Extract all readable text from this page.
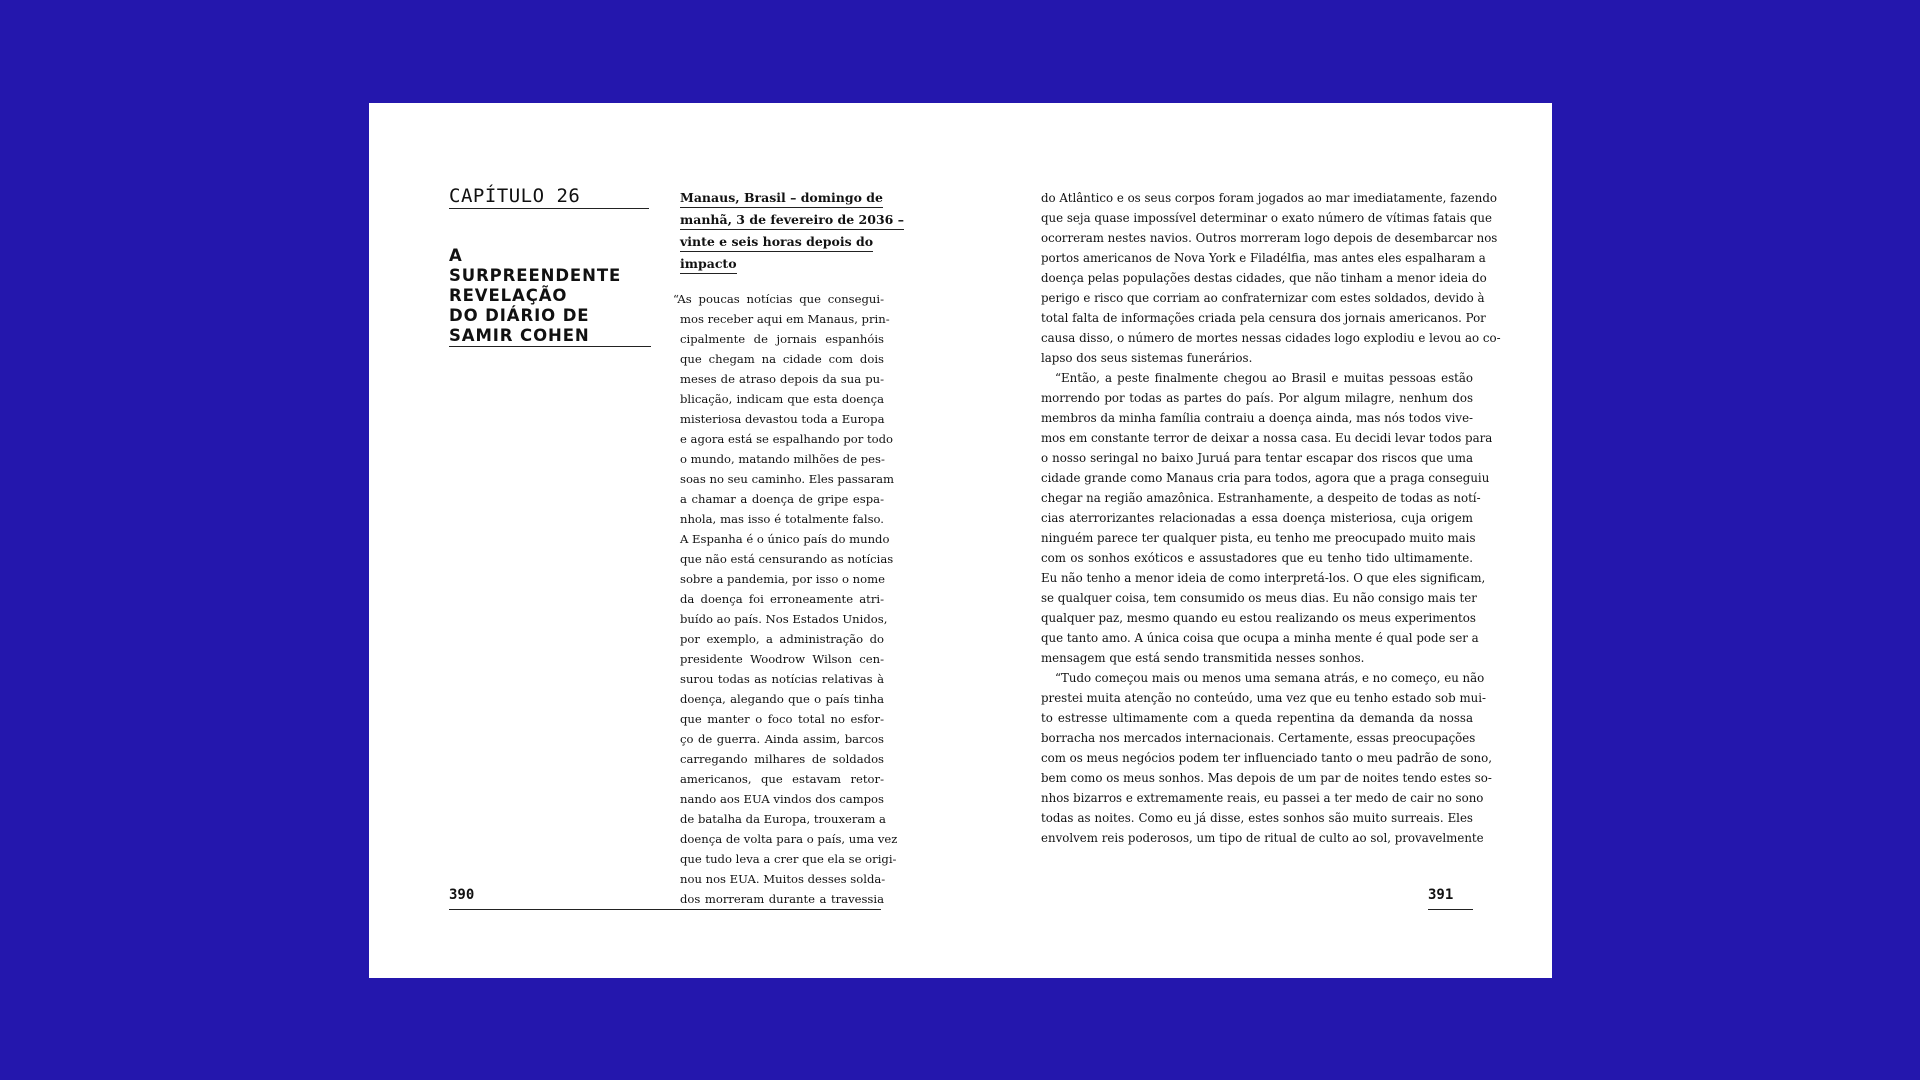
CAPÍTULO 26
A
SURPREENDENTE
REVELAÇÃO
DO DIÁRIO DE
SAMIR COHEN
Manaus, Brasil – domingo de
manhã, 3 de fevereiro de 2036 –
vinte e seis horas depois do
impacto
“As poucas notícias que consegui-
mos receber aqui em Manaus, prin-
cipalmente de jornais espanhóis
que chegam na cidade com dois
meses de atraso depois da sua pu-
blicação, indicam que esta doença
misteriosa devastou toda a Europa
e agora está se espalhando por todo
o mundo, matando milhões de pes-
soas no seu caminho. Eles passaram
a chamar a doença de gripe espa-
nhola, mas isso é totalmente falso.
A Espanha é o único país do mundo
que não está censurando as notícias
sobre a pandemia, por isso o nome
da doença foi erroneamente atri-
buído ao país. Nos Estados Unidos,
por exemplo, a administração do
presidente Woodrow Wilson cen-
surou todas as notícias relativas à
doença, alegando que o país tinha
que manter o foco total no esfor-
ço de guerra. Ainda assim, barcos
carregando milhares de soldados
americanos, que estavam retor-
nando aos EUA vindos dos campos
de batalha da Europa, trouxeram a
doença de volta para o país, uma vez
que tudo leva a crer que ela se origi-
nou nos EUA. Muitos desses solda-
dos morreram durante a travessia
do Atlântico e os seus corpos foram jogados ao mar imediatamente, fazendo
que seja quase impossível determinar o exato número de vítimas fatais que
ocorreram nestes navios. Outros morreram logo depois de desembarcar nos
portos americanos de Nova York e Filadélfia, mas antes eles espalharam a
doença pelas populações destas cidades, que não tinham a menor ideia do
perigo e risco que corriam ao confraternizar com estes soldados, devido à
total falta de informações criada pela censura dos jornais americanos. Por
causa disso, o número de mortes nessas cidades logo explodiu e levou ao co-
lapso dos seus sistemas funerários.
“Então, a peste finalmente chegou ao Brasil e muitas pessoas estão
morrendo por todas as partes do país. Por algum milagre, nenhum dos
membros da minha família contraiu a doença ainda, mas nós todos vive-
mos em constante terror de deixar a nossa casa. Eu decidi levar todos para
o nosso seringal no baixo Juruá para tentar escapar dos riscos que uma
cidade grande como Manaus cria para todos, agora que a praga conseguiu
chegar na região amazônica. Estranhamente, a despeito de todas as notí-
cias aterrorizantes relacionadas a essa doença misteriosa, cuja origem
ninguém parece ter qualquer pista, eu tenho me preocupado muito mais
com os sonhos exóticos e assustadores que eu tenho tido ultimamente.
Eu não tenho a menor ideia de como interpretá-los. O que eles significam,
se qualquer coisa, tem consumido os meus dias. Eu não consigo mais ter
qualquer paz, mesmo quando eu estou realizando os meus experimentos
que tanto amo. A única coisa que ocupa a minha mente é qual pode ser a
mensagem que está sendo transmitida nesses sonhos.
“Tudo começou mais ou menos uma semana atrás, e no começo, eu não
prestei muita atenção no conteúdo, uma vez que eu tenho estado sob mui-
to estresse ultimamente com a queda repentina da demanda da nossa
borracha nos mercados internacionais. Certamente, essas preocupações
com os meus negócios podem ter influenciado tanto o meu padrão de sono,
bem como os meus sonhos. Mas depois de um par de noites tendo estes so-
nhos bizarros e extremamente reais, eu passei a ter medo de cair no sono
todas as noites. Como eu já disse, estes sonhos são muito surreais. Eles
envolvem reis poderosos, um tipo de ritual de culto ao sol, provavelmente
390	391
